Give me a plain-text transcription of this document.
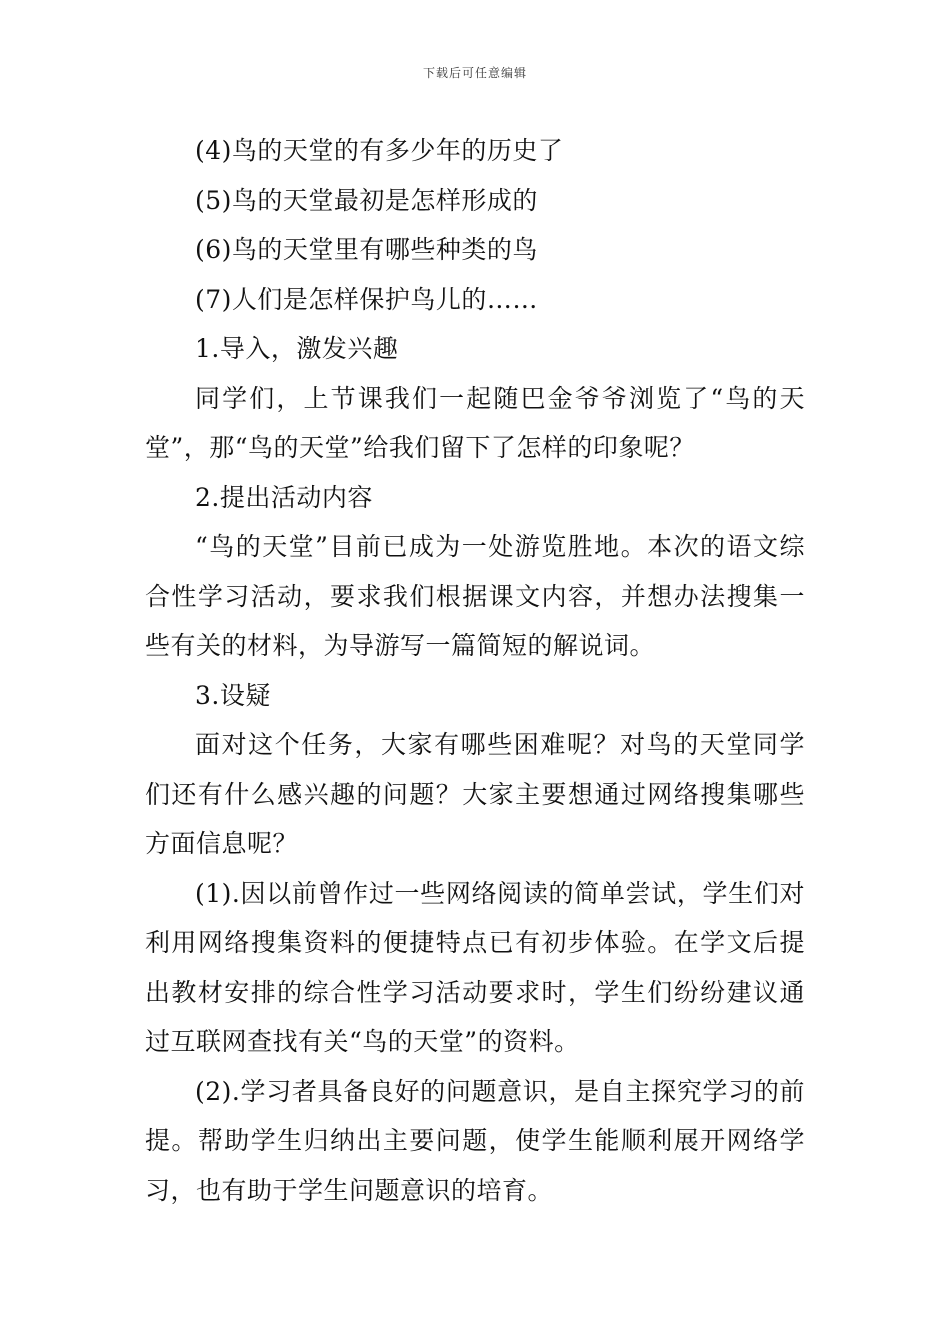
下载后可任意编辑

(4)鸟的天堂的有多少年的历史了

(5)鸟的天堂最初是怎样形成的

(6)鸟的天堂里有哪些种类的鸟

(7)人们是怎样保护鸟儿的……

1.导入，激发兴趣

同学们，上节课我们一起随巴金爷爷浏览了“鸟的天堂”，那“鸟的天堂”给我们留下了怎样的印象呢？

2.提出活动内容

“鸟的天堂”目前已成为一处游览胜地。本次的语文综合性学习活动，要求我们根据课文内容，并想办法搜集一些有关的材料，为导游写一篇简短的解说词。

3.设疑

面对这个任务，大家有哪些困难呢？对鸟的天堂同学们还有什么感兴趣的问题？大家主要想通过网络搜集哪些方面信息呢？

(1).因以前曾作过一些网络阅读的简单尝试，学生们对利用网络搜集资料的便捷特点已有初步体验。在学文后提出教材安排的综合性学习活动要求时，学生们纷纷建议通过互联网查找有关“鸟的天堂”的资料。

(2).学习者具备良好的问题意识，是自主探究学习的前提。帮助学生归纳出主要问题，使学生能顺利展开网络学习，也有助于学生问题意识的培育。
